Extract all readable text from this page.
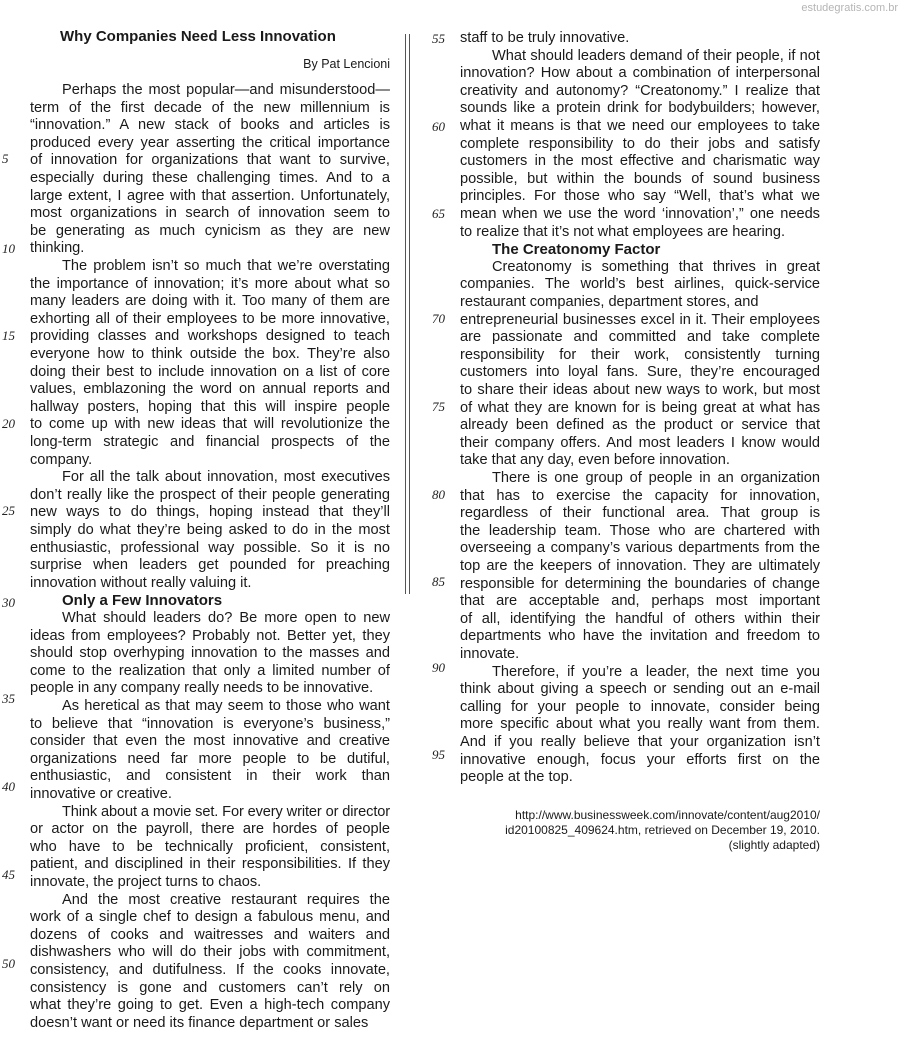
estudegratis.com.br
Why Companies Need Less Innovation
By Pat Lencioni
Perhaps the most popular—and misunderstood—
term of the first decade of the new millennium is
“innovation.” A new stack of books and articles is
produced every year asserting the critical importance
of innovation for organizations that want to survive,
especially during these challenging times. And to a
large extent, I agree with that assertion. Unfortunately,
most organizations in search of innovation seem to
be generating as much cynicism as they are new
thinking.
The problem isn’t so much that we’re overstating
the importance of innovation; it’s more about what so
many leaders are doing with it. Too many of them are
exhorting all of their employees to be more innovative,
providing classes and workshops designed to teach
everyone how to think outside the box. They’re also
doing their best to include innovation on a list of core
values, emblazoning the word on annual reports and
hallway posters, hoping that this will inspire people
to come up with new ideas that will revolutionize the
long-term strategic and financial prospects of the
company.
For all the talk about innovation, most executives
don’t really like the prospect of their people generating
new ways to do things, hoping instead that they’ll
simply do what they’re being asked to do in the most
enthusiastic, professional way possible. So it is no
surprise when leaders get pounded for preaching
innovation without really valuing it.
Only a Few Innovators
What should leaders do? Be more open to new
ideas from employees? Probably not. Better yet, they
should stop overhyping innovation to the masses and
come to the realization that only a limited number of
people in any company really needs to be innovative.
As heretical as that may seem to those who want
to believe that “innovation is everyone’s business,”
consider that even the most innovative and creative
organizations need far more people to be dutiful,
enthusiastic, and consistent in their work than
innovative or creative.
Think about a movie set. For every writer or director
or actor on the payroll, there are hordes of people
who have to be technically proficient, consistent,
patient, and disciplined in their responsibilities. If they
innovate, the project turns to chaos.
And the most creative restaurant requires the
work of a single chef to design a fabulous menu, and
dozens of cooks and waitresses and waiters and
dishwashers who will do their jobs with commitment,
consistency, and dutifulness. If the cooks innovate,
consistency is gone and customers can’t rely on
what they’re going to get. Even a high-tech company
doesn’t want or need its finance department or sales
staff to be truly innovative.
What should leaders demand of their people, if not
innovation? How about a combination of interpersonal
creativity and autonomy? “Creatonomy.” I realize that
sounds like a protein drink for bodybuilders; however,
what it means is that we need our employees to take
complete responsibility to do their jobs and satisfy
customers in the most effective and charismatic way
possible, but within the bounds of sound business
principles. For those who say “Well, that’s what we
mean when we use the word ‘innovation’,” one needs
to realize that it’s not what employees are hearing.
The Creatonomy Factor
Creatonomy is something that thrives in great
companies. The world’s best airlines, quick-service
restaurant companies, department stores, and
entrepreneurial businesses excel in it. Their employees
are passionate and committed and take complete
responsibility for their work, consistently turning
customers into loyal fans. Sure, they’re encouraged
to share their ideas about new ways to work, but most
of what they are known for is being great at what has
already been defined as the product or service that
their company offers. And most leaders I know would
take that any day, even before innovation.
There is one group of people in an organization
that has to exercise the capacity for innovation,
regardless of their functional area. That group is
the leadership team. Those who are chartered with
overseeing a company’s various departments from the
top are the keepers of innovation. They are ultimately
responsible for determining the boundaries of change
that are acceptable and, perhaps most important
of all, identifying the handful of others within their
departments who have the invitation and freedom to
innovate.
Therefore, if you’re a leader, the next time you
think about giving a speech or sending out an e-mail
calling for your people to innovate, consider being
more specific about what you really want from them.
And if you really believe that your organization isn’t
innovative enough, focus your efforts first on the
people at the top.
http://www.businessweek.com/innovate/content/aug2010/
id20100825_409624.htm, retrieved on December 19, 2010.
(slightly adapted)
5
10
15
20
25
30
35
40
45
50
55
60
65
70
75
80
85
90
95
